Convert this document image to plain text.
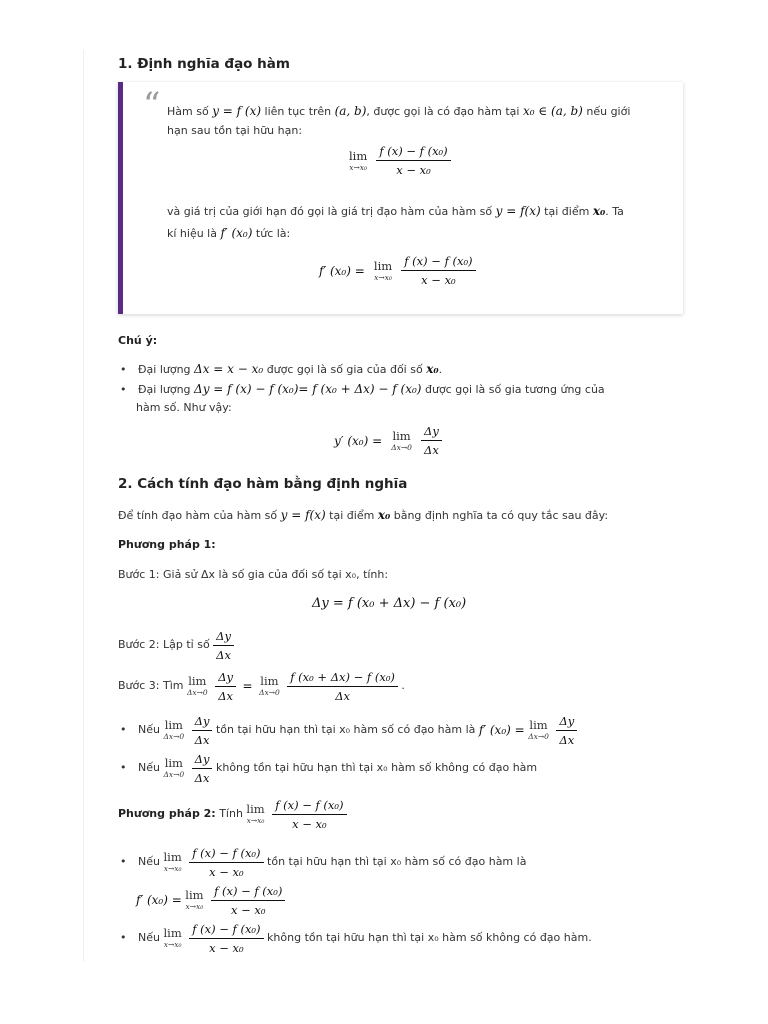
1. Định nghĩa đạo hàm
“ Hàm số y = f (x) liên tục trên (a, b), được gọi là có đạo hàm tại x₀ ∈ (a, b) nếu giới
hạn sau tồn tại hữu hạn:
lim
x→x₀
$\frac{\text{f (x) − f (x₀)}}{\text{x − x₀}}$
và giá trị của giới hạn đó gọi là giá trị đạo hàm của hàm số y = f(x) tại điểm x₀. Ta
kí hiệu là f′ (x₀) tức là:
f′ (x₀) = lim
x→x₀
$\frac{\text{f (x) − f (x₀)}}{\text{x − x₀}}$
Chú ý:
• Đại lượng Δx = x − x₀ được gọi là số gia của đối số x₀.
• Đại lượng Δy = f (x) − f (x₀)= f (x₀ + Δx) − f (x₀) được gọi là số gia tương ứng của
hàm số. Như vậy:
y′ (x₀) = lim
Δx→0
$\frac{\Delta y}{\Delta x}$
2. Cách tính đạo hàm bằng định nghĩa
Để tính đạo hàm của hàm số y = f(x) tại điểm x₀ bằng định nghĩa ta có quy tắc sau đây:
Phương pháp 1:
Bước 1: Giả sử Δx là số gia của đối số tại x₀, tính:
Δy = f (x₀ + Δx) − f (x₀)
Bước 2: Lập tỉ số $\frac{\Delta y}{\Delta x}$
Bước 3: Tìm lim
Δx→0
$\frac{\Delta y}{\Delta x} = \lim$
Δx→0
$\frac{\text{f (x₀ + Δx) − f (x₀)}}{\Delta x}$ .
• Nếu lim
Δx→0
$\frac{\Delta y}{\Delta x}$ tồn tại hữu hạn thì tại x₀ hàm số có đạo hàm là f′ (x₀) = lim
Δx→0
$\frac{\Delta y}{\Delta x}$
• Nếu lim
Δx→0
$\frac{\Delta y}{\Delta x}$ không tồn tại hữu hạn thì tại x₀ hàm số không có đạo hàm
Phương pháp 2: Tính lim
x→x₀
$\frac{\text{f (x) − f (x₀)}}{\text{x − x₀}}$
• Nếu lim
x→x₀
$\frac{\text{f (x) − f (x₀)}}{\text{x − x₀}}$ tồn tại hữu hạn thì tại x₀ hàm số có đạo hàm là
f′ (x₀) = lim
x→x₀
$\frac{\text{f (x) − f (x₀)}}{\text{x − x₀}}$
• Nếu lim
x→x₀
$\frac{\text{f (x) − f (x₀)}}{\text{x − x₀}}$ không tồn tại hữu hạn thì tại x₀ hàm số không có đạo hàm.
